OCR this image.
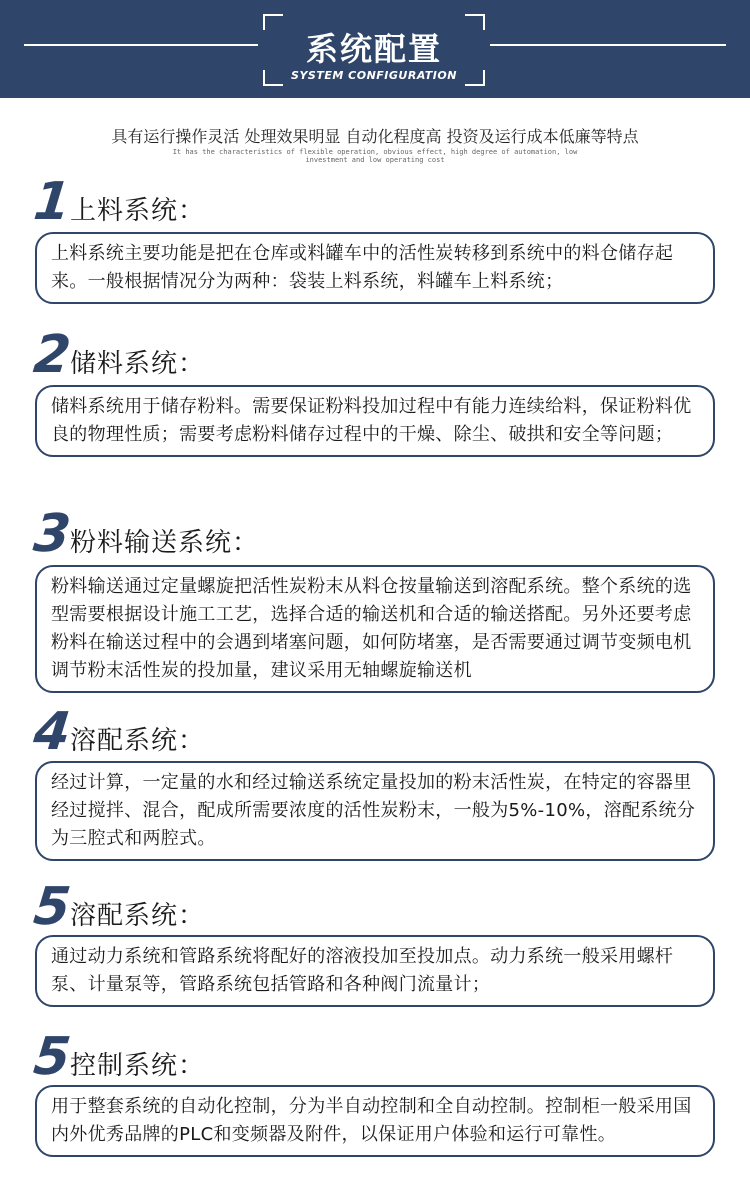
系统配置
SYSTEM CONFIGURATION
具有运行操作灵活 处理效果明显 自动化程度高 投资及运行成本低廉等特点
It has the characteristics of flexible operation, obvious effect, high degree of automation, low investment and low operating cost
1
上料系统：
上料系统主要功能是把在仓库或料罐车中的活性炭转移到系统中的料仓储存起来。一般根据情况分为两种：袋装上料系统，料罐车上料系统；
2
储料系统：
储料系统用于储存粉料。需要保证粉料投加过程中有能力连续给料，保证粉料优良的物理性质；需要考虑粉料储存过程中的干燥、除尘、破拱和安全等问题；
3
粉料输送系统：
粉料输送通过定量螺旋把活性炭粉末从料仓按量输送到溶配系统。整个系统的选型需要根据设计施工工艺，选择合适的输送机和合适的输送搭配。另外还要考虑粉料在输送过程中的会遇到堵塞问题，如何防堵塞，是否需要通过调节变频电机调节粉末活性炭的投加量，建议采用无轴螺旋输送机
4
溶配系统：
经过计算，一定量的水和经过输送系统定量投加的粉末活性炭，在特定的容器里经过搅拌、混合，配成所需要浓度的活性炭粉末，一般为5%-10%，溶配系统分为三腔式和两腔式。
5
溶配系统：
通过动力系统和管路系统将配好的溶液投加至投加点。动力系统一般采用螺杆泵、计量泵等，管路系统包括管路和各种阀门流量计；
5
控制系统：
用于整套系统的自动化控制，分为半自动控制和全自动控制。控制柜一般采用国内外优秀品牌的PLC和变频器及附件，以保证用户体验和运行可靠性。
